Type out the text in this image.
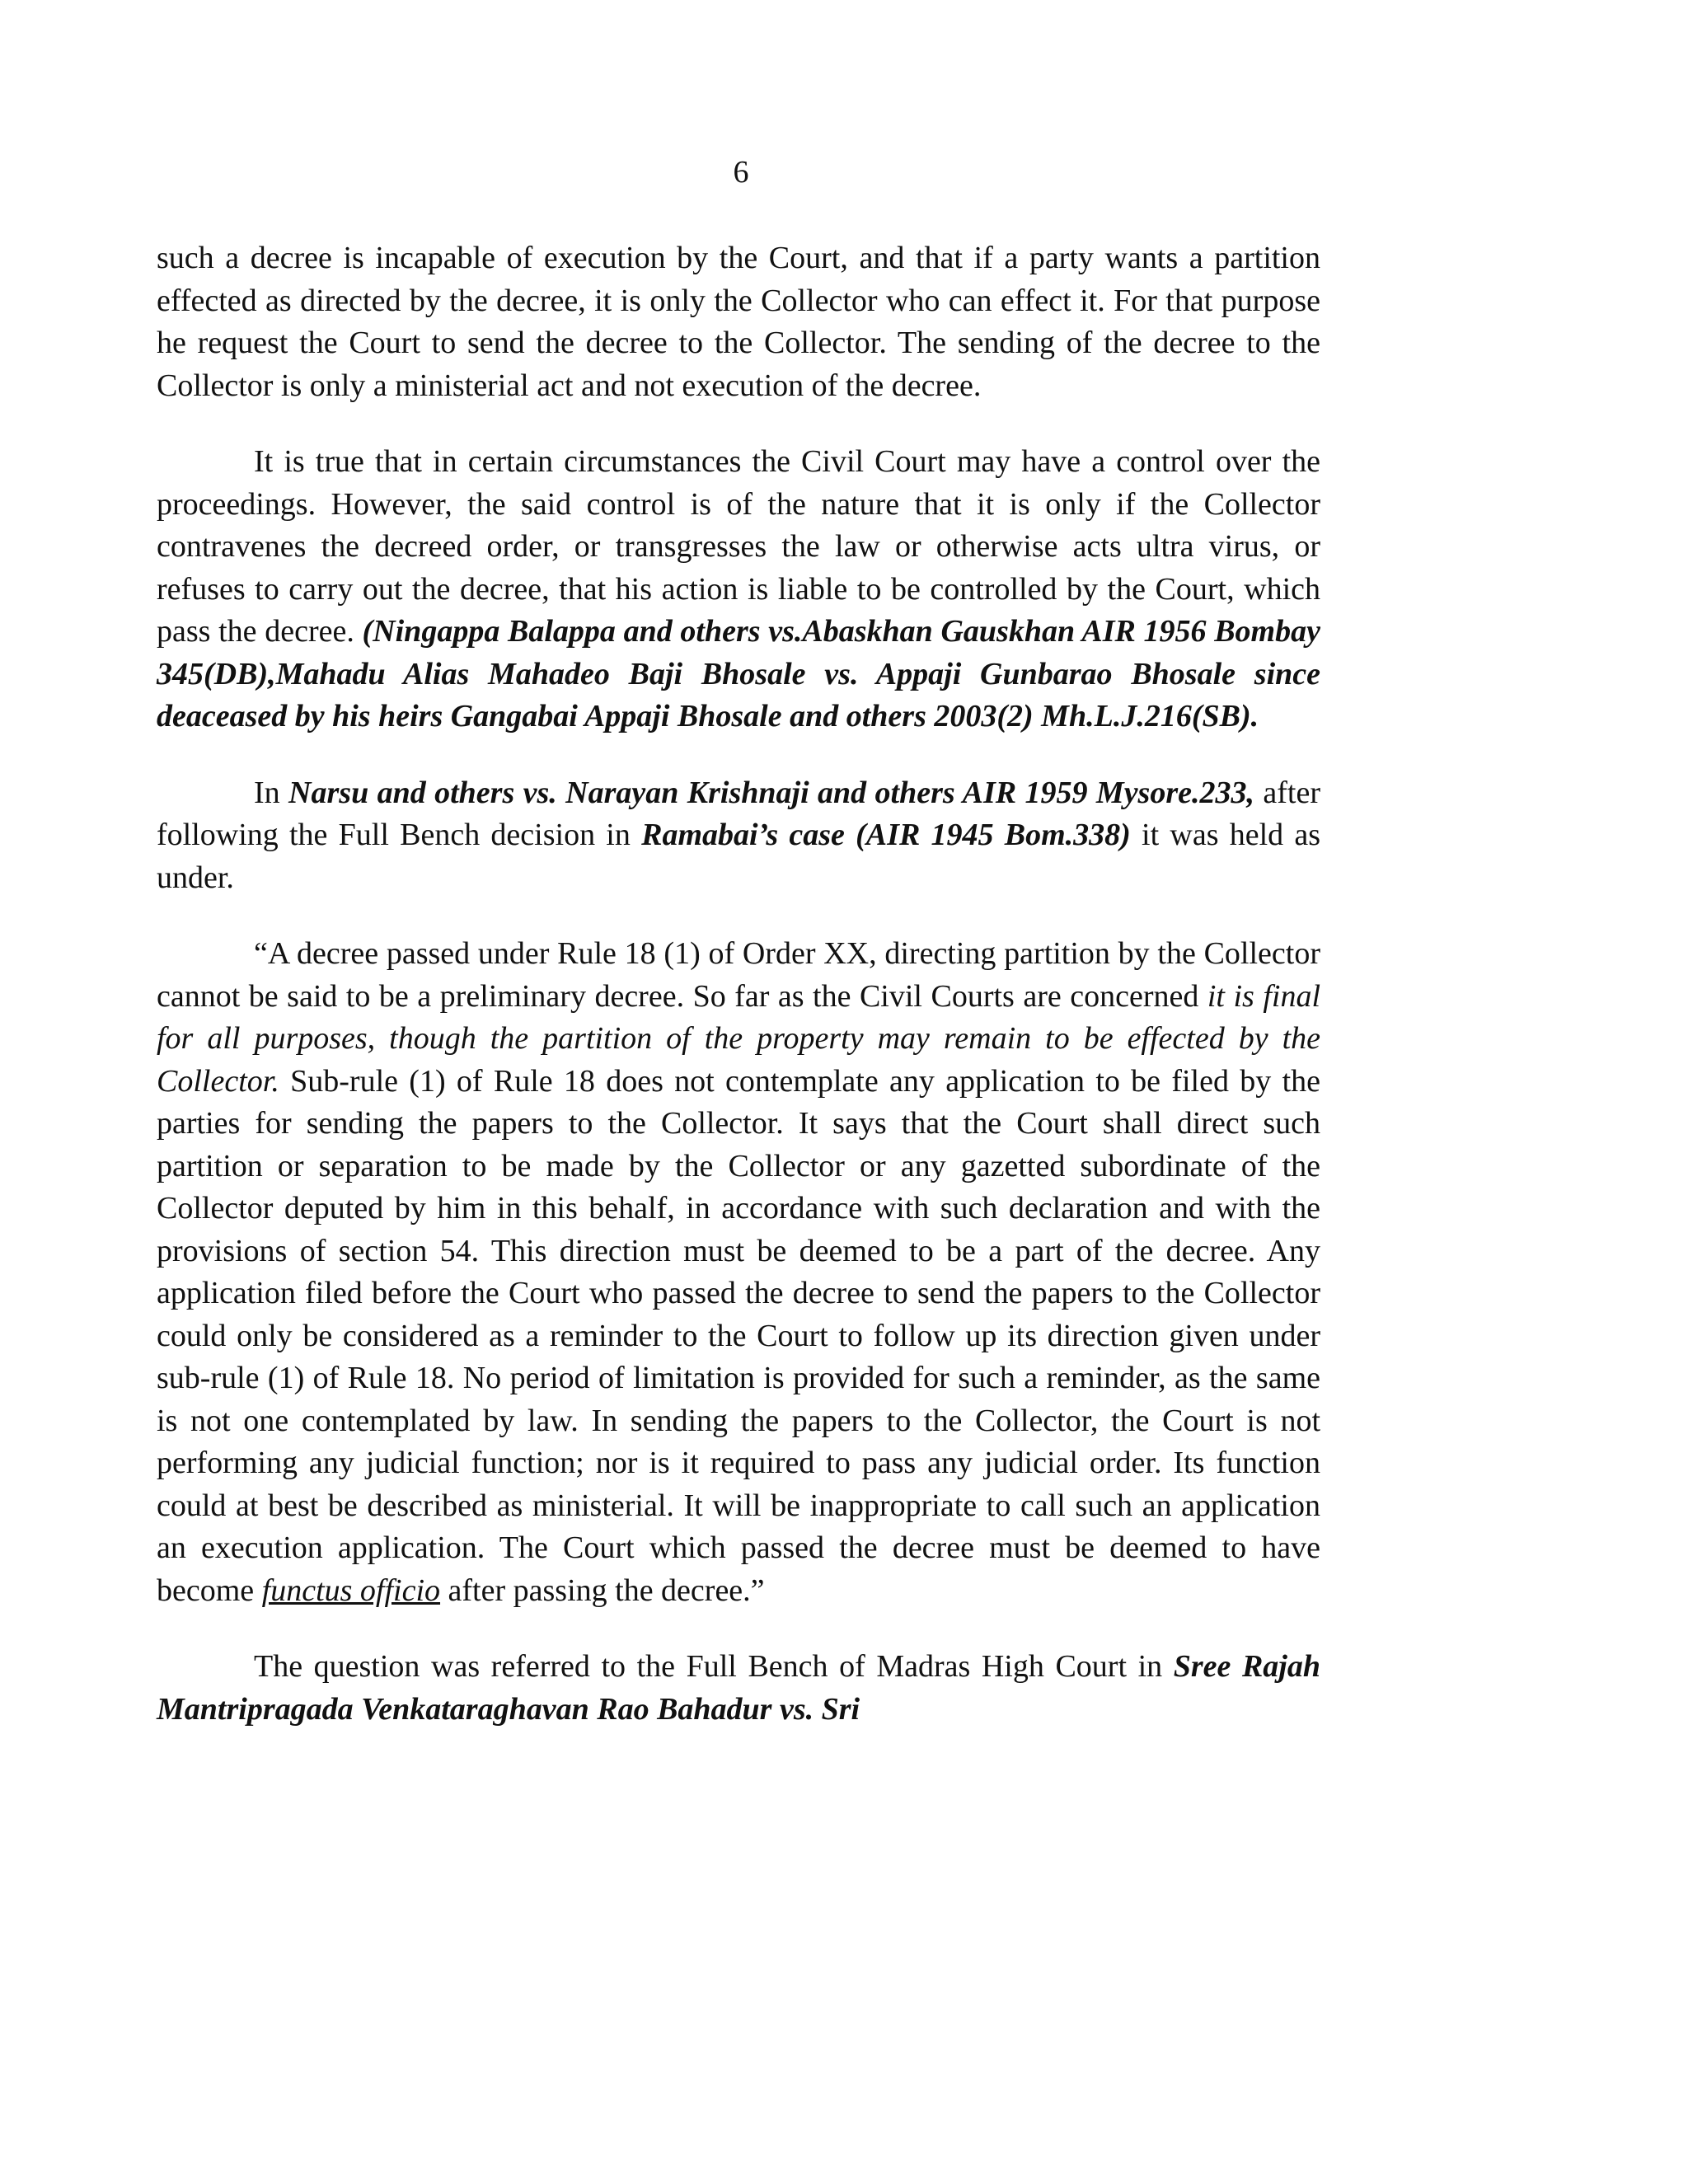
6

such a decree is incapable of execution by the Court, and that if a party wants a partition effected as directed by the decree, it is only the Collector who can effect it. For that purpose he request the Court to send the decree to the Collector. The sending of the decree to the Collector is only a ministerial act and not execution of the decree.

It is true that in certain circumstances the Civil Court may have a control over the proceedings. However, the said control is of the nature that it is only if the Collector contravenes the decreed order, or transgresses the law or otherwise acts ultra virus, or refuses to carry out the decree, that his action is liable to be controlled by the Court, which pass the decree. (Ningappa Balappa and others vs.Abaskhan Gauskhan AIR 1956 Bombay 345(DB),Mahadu Alias Mahadeo Baji Bhosale vs. Appaji Gunbarao Bhosale since deaceased by his heirs Gangabai Appaji Bhosale and others 2003(2) Mh.L.J.216(SB).

In Narsu and others vs. Narayan Krishnaji and others AIR 1959 Mysore.233, after following the Full Bench decision in Ramabai’s case (AIR 1945 Bom.338) it was held as under.

“A decree passed under Rule 18 (1) of Order XX, directing partition by the Collector cannot be said to be a preliminary decree. So far as the Civil Courts are concerned it is final for all purposes, though the partition of the property may remain to be effected by the Collector. Sub-rule (1) of Rule 18 does not contemplate any application to be filed by the parties for sending the papers to the Collector. It says that the Court shall direct such partition or separation to be made by the Collector or any gazetted subordinate of the Collector deputed by him in this behalf, in accordance with such declaration and with the provisions of section 54. This direction must be deemed to be a part of the decree. Any application filed before the Court who passed the decree to send the papers to the Collector could only be considered as a reminder to the Court to follow up its direction given under sub-rule (1) of Rule 18. No period of limitation is provided for such a reminder, as the same is not one contemplated by law. In sending the papers to the Collector, the Court is not performing any judicial function; nor is it required to pass any judicial order. Its function could at best be described as ministerial. It will be inappropriate to call such an application an execution application. The Court which passed the decree must be deemed to have become functus officio after passing the decree.”

The question was referred to the Full Bench of Madras High Court in Sree Rajah Mantripragada Venkataraghavan Rao Bahadur vs. Sri
